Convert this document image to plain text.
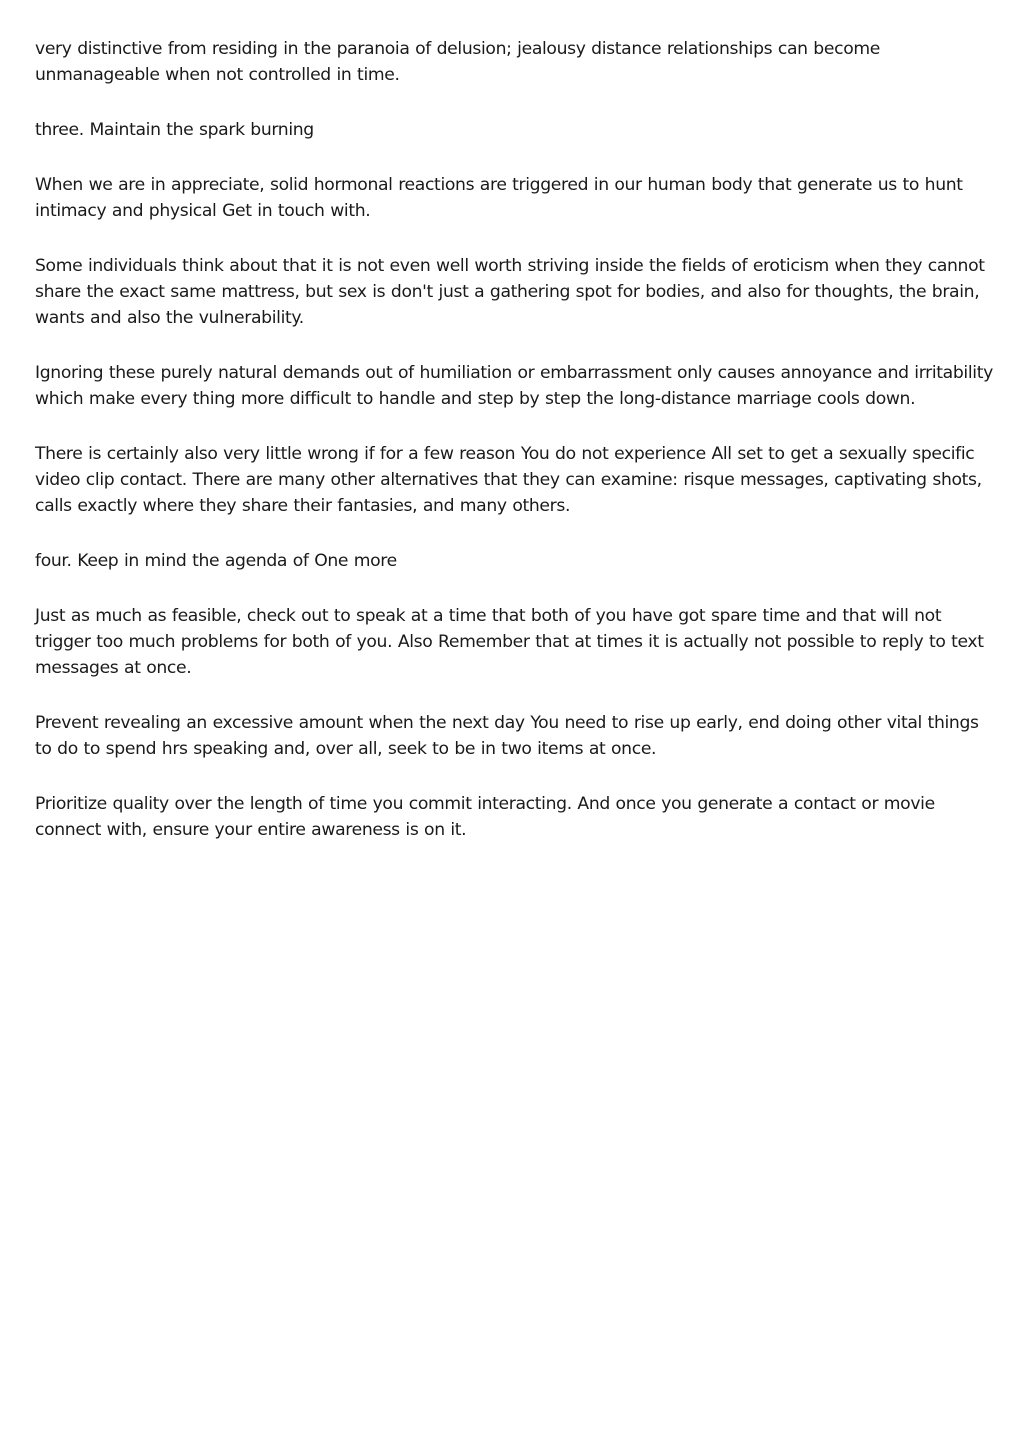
very distinctive from residing in the paranoia of delusion; jealousy distance relationships can become unmanageable when not controlled in time.

three. Maintain the spark burning

When we are in appreciate, solid hormonal reactions are triggered in our human body that generate us to hunt intimacy and physical Get in touch with.

Some individuals think about that it is not even well worth striving inside the fields of eroticism when they cannot share the exact same mattress, but sex is don't just a gathering spot for bodies, and also for thoughts, the brain, wants and also the vulnerability.

Ignoring these purely natural demands out of humiliation or embarrassment only causes annoyance and irritability which make every thing more difficult to handle and step by step the long-distance marriage cools down.

There is certainly also very little wrong if for a few reason You do not experience All set to get a sexually specific video clip contact. There are many other alternatives that they can examine: risque messages, captivating shots, calls exactly where they share their fantasies, and many others.

four. Keep in mind the agenda of One more

Just as much as feasible, check out to speak at a time that both of you have got spare time and that will not trigger too much problems for both of you. Also Remember that at times it is actually not possible to reply to text messages at once.

Prevent revealing an excessive amount when the next day You need to rise up early, end doing other vital things to do to spend hrs speaking and, over all, seek to be in two items at once.

Prioritize quality over the length of time you commit interacting. And once you generate a contact or movie connect with, ensure your entire awareness is on it.
